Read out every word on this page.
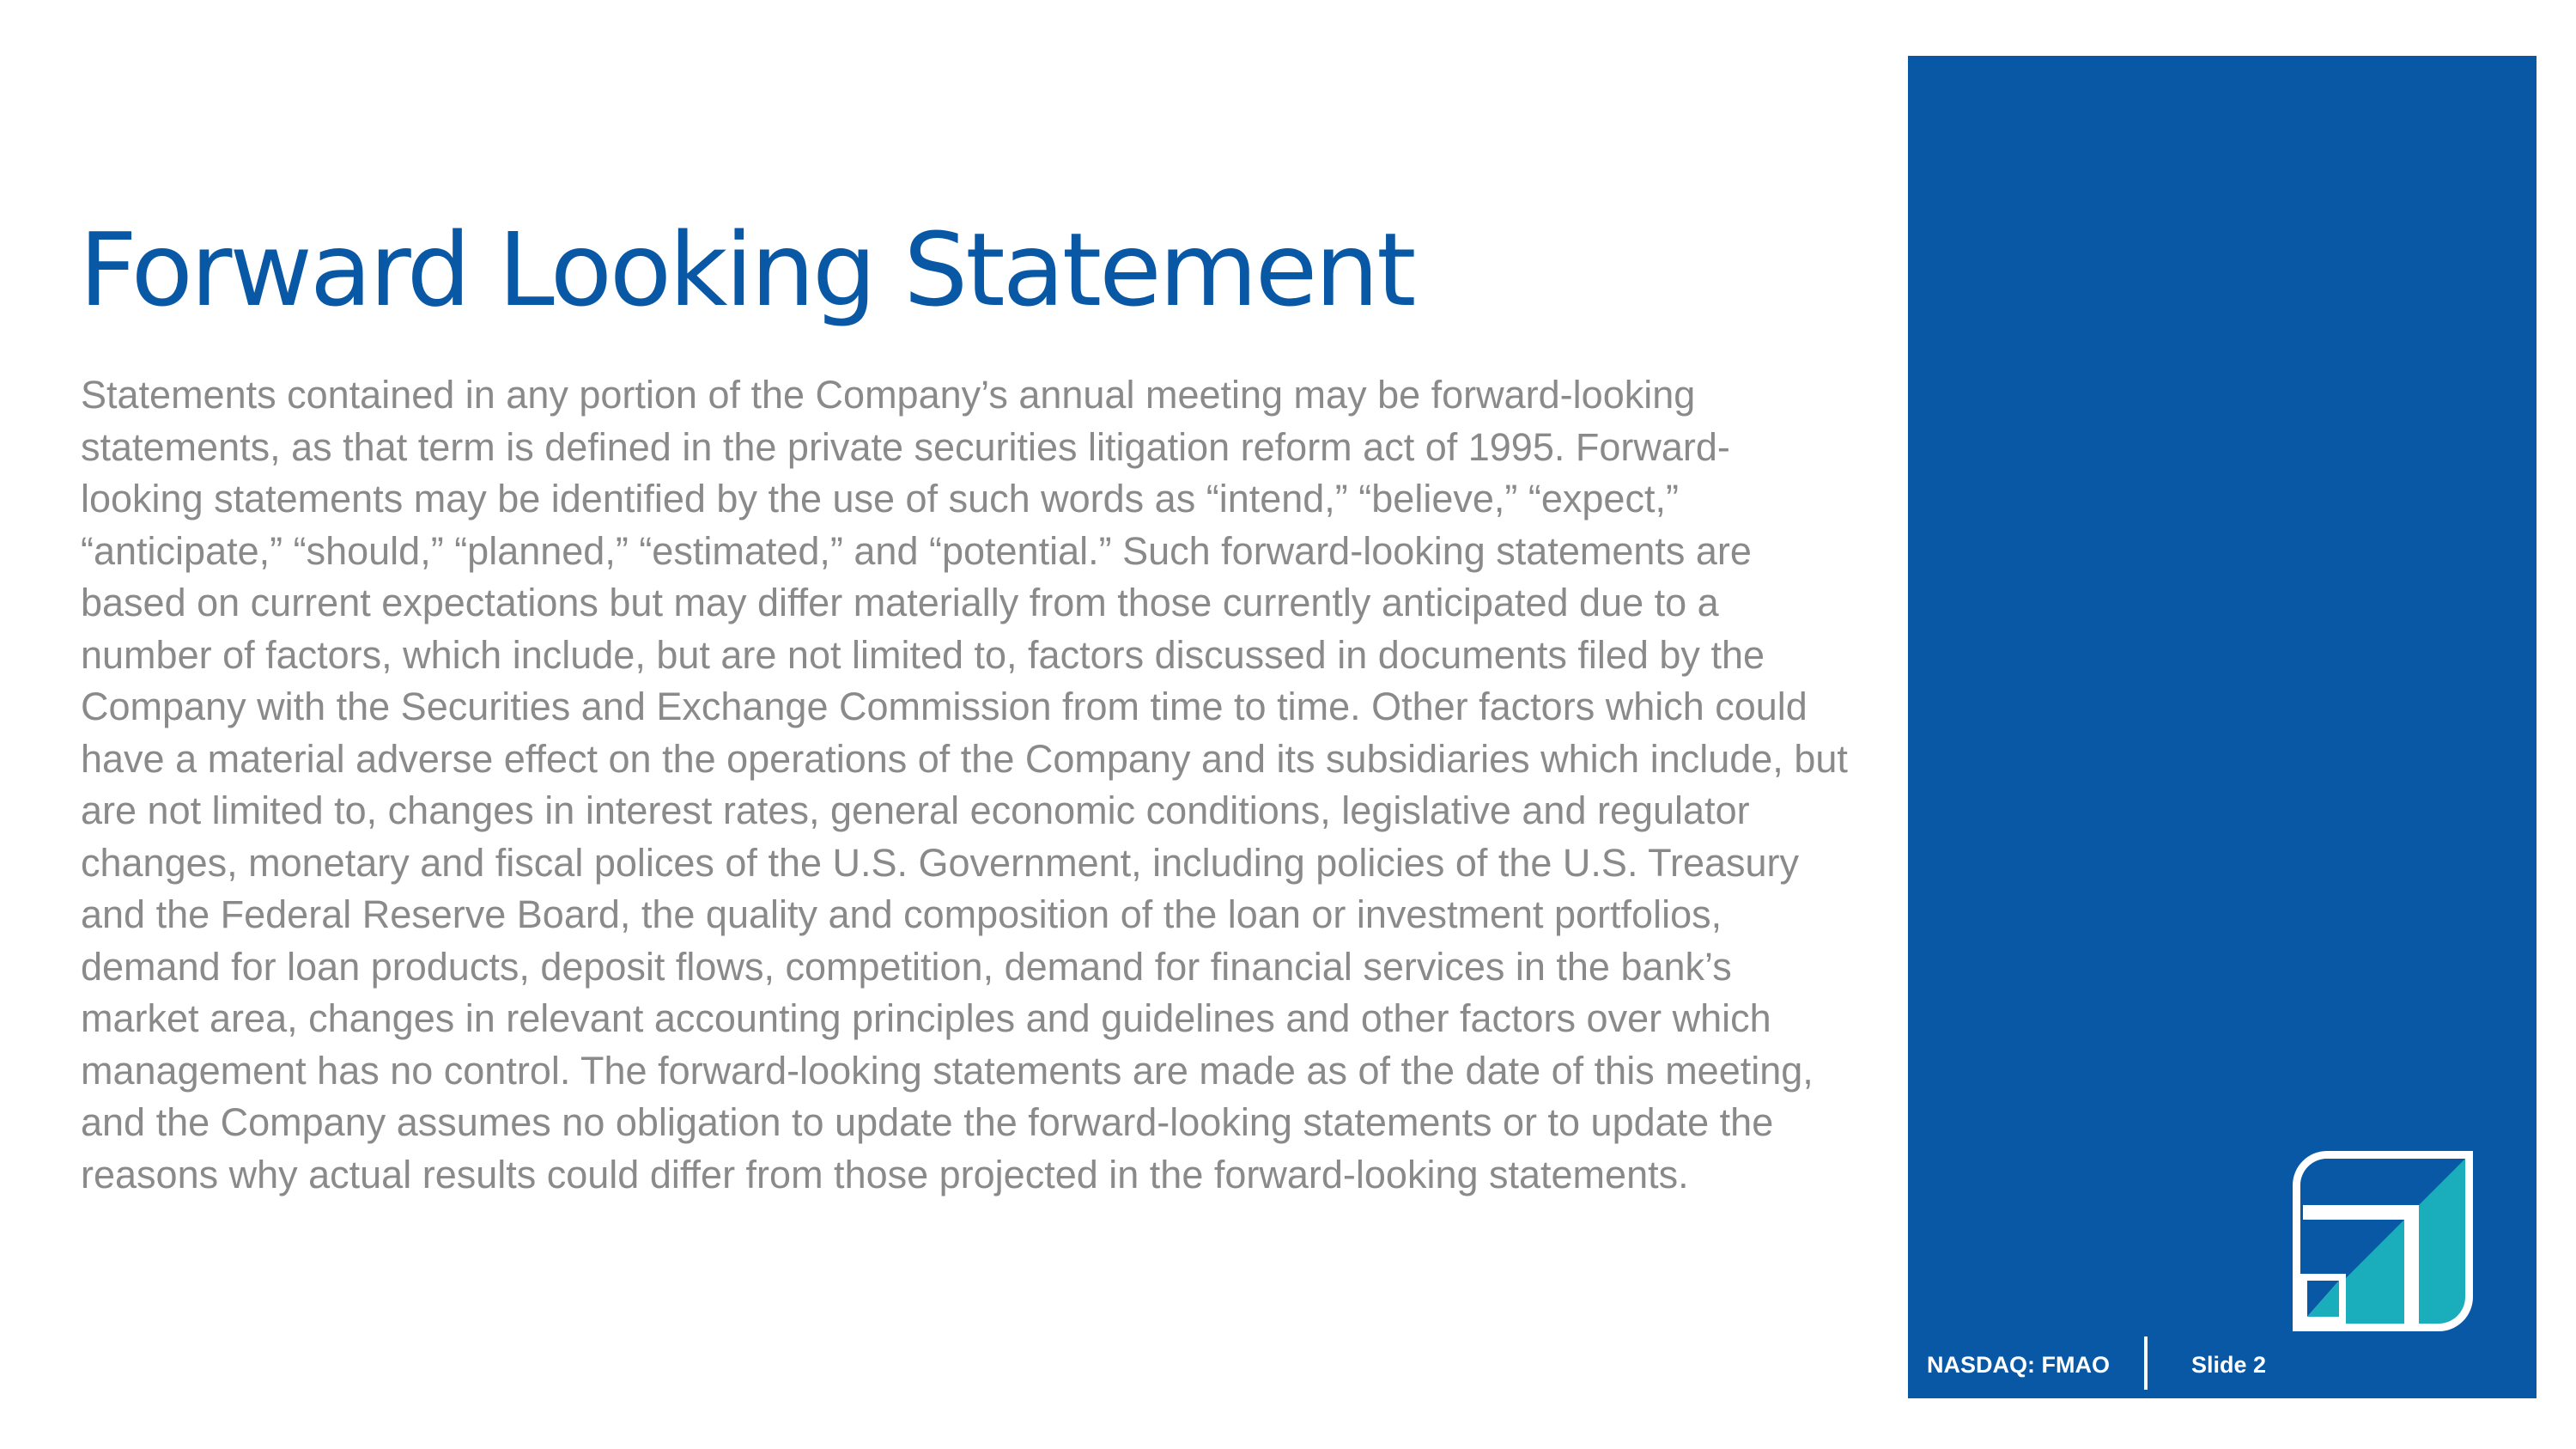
Forward Looking Statement

Statements contained in any portion of the Company’s annual meeting may be forward-looking statements, as that term is defined in the private securities litigation reform act of 1995. Forward-looking statements may be identified by the use of such words as “intend,” “believe,” “expect,” “anticipate,” “should,” “planned,” “estimated,” and “potential.” Such forward-looking statements are based on current expectations but may differ materially from those currently anticipated due to a number of factors, which include, but are not limited to, factors discussed in documents filed by the Company with the Securities and Exchange Commission from time to time. Other factors which could have a material adverse effect on the operations of the Company and its subsidiaries which include, but are not limited to, changes in interest rates, general economic conditions, legislative and regulator changes, monetary and fiscal polices of the U.S. Government, including policies of the U.S. Treasury and the Federal Reserve Board, the quality and composition of the loan or investment portfolios, demand for loan products, deposit flows, competition, demand for financial services in the bank’s market area, changes in relevant accounting principles and guidelines and other factors over which management has no control. The forward-looking statements are made as of the date of this meeting, and the Company assumes no obligation to update the forward-looking statements or to update the reasons why actual results could differ from those projected in the forward-looking statements.

NASDAQ: FMAO	Slide 2
